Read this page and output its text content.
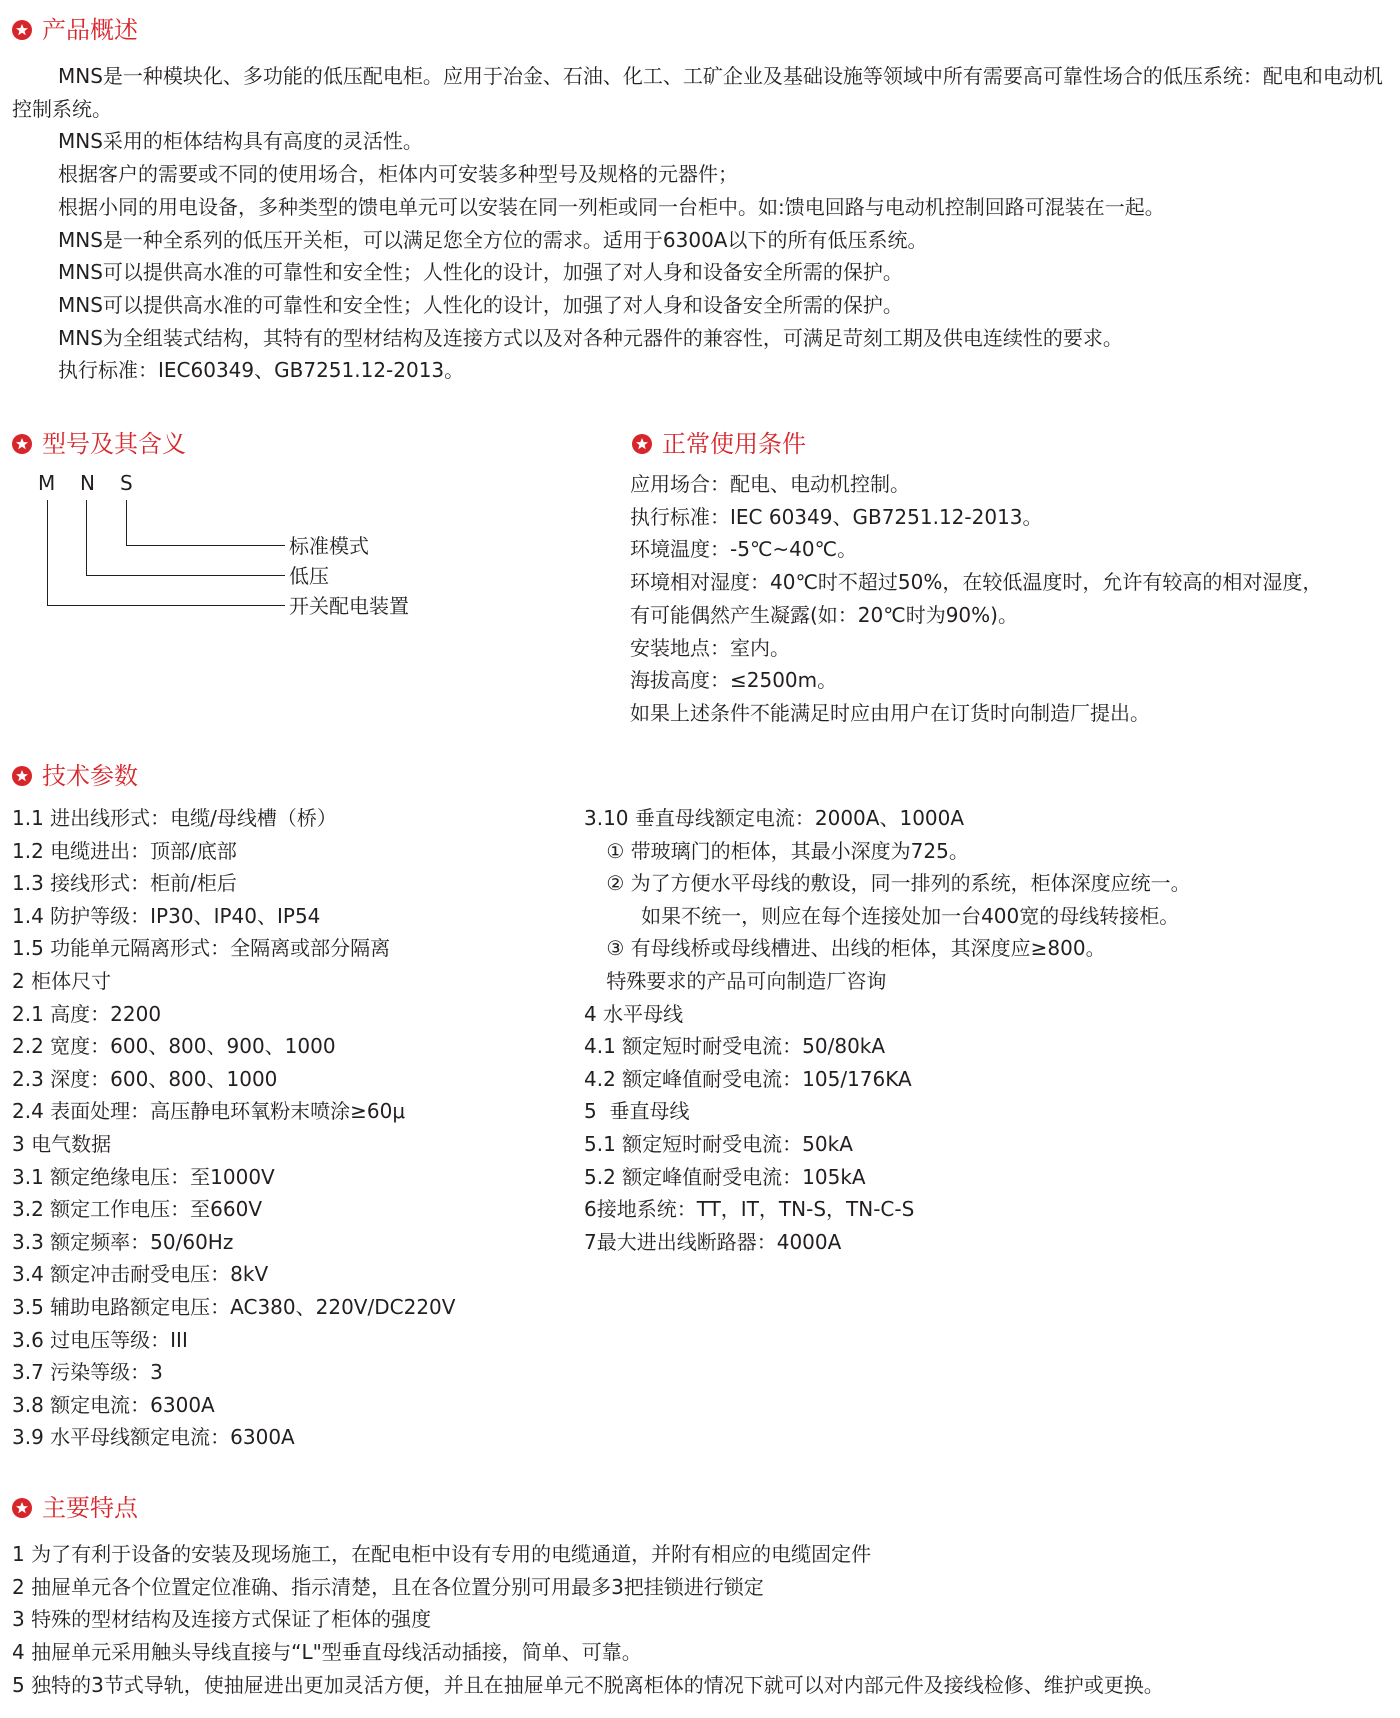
产品概述
MNS是一种模块化、多功能的低压配电柜。应用于冶金、石油、化工、工矿企业及基础设施等领域中所有需要高可靠性场合的低压系统：配电和电动机控制系统。
MNS采用的柜体结构具有高度的灵活性。
根据客户的需要或不同的使用场合，柜体内可安装多种型号及规格的元器件；
根据小同的用电设备，多种类型的馈电单元可以安装在同一列柜或同一台柜中。如:馈电回路与电动机控制回路可混装在一起。
MNS是一种全系列的低压开关柜，可以满足您全方位的需求。适用于6300A以下的所有低压系统。
MNS可以提供高水准的可靠性和安全性；人性化的设计，加强了对人身和设备安全所需的保护。
MNS可以提供高水准的可靠性和安全性；人性化的设计，加强了对人身和设备安全所需的保护。
MNS为全组装式结构，其特有的型材结构及连接方式以及对各种元器件的兼容性，可满足苛刻工期及供电连续性的要求。
执行标准：IEC60349、GB7251.12-2013。
型号及其含义
M N S
标准模式
低压
开关配电装置
正常使用条件
应用场合：配电、电动机控制。
执行标准：IEC 60349、GB7251.12-2013。
环境温度：-5℃~40℃。
环境相对湿度：40℃时不超过50%，在较低温度时，允许有较高的相对湿度，
有可能偶然产生凝露(如：20℃时为90%)。
安装地点：室内。
海拔高度：≤2500m。
如果上述条件不能满足时应由用户在订货时向制造厂提出。
技术参数
1.1 进出线形式：电缆/母线槽（桥）
1.2 电缆进出：顶部/底部
1.3 接线形式：柜前/柜后
1.4 防护等级：IP30、IP40、IP54
1.5 功能单元隔离形式：全隔离或部分隔离
2 柜体尺寸
2.1 高度：2200
2.2 宽度：600、800、900、1000
2.3 深度：600、800、1000
2.4 表面处理：高压静电环氧粉末喷涂≥60μ
3 电气数据
3.1 额定绝缘电压：至1000V
3.2 额定工作电压：至660V
3.3 额定频率：50/60Hz
3.4 额定冲击耐受电压：8kV
3.5 辅助电路额定电压：AC380、220V/DC220V
3.6 过电压等级：III
3.7 污染等级：3
3.8 额定电流：6300A
3.9 水平母线额定电流：6300A
3.10 垂直母线额定电流：2000A、1000A
① 带玻璃门的柜体，其最小深度为725。
② 为了方便水平母线的敷设，同一排列的系统，柜体深度应统一。
如果不统一，则应在每个连接处加一台400宽的母线转接柜。
③ 有母线桥或母线槽进、出线的柜体，其深度应≥800。
特殊要求的产品可向制造厂咨询
4 水平母线
4.1 额定短时耐受电流：50/80kA
4.2 额定峰值耐受电流：105/176KA
5  垂直母线
5.1 额定短时耐受电流：50kA
5.2 额定峰值耐受电流：105kA
6接地系统：TT，IT，TN-S，TN-C-S
7最大进出线断路器：4000A
主要特点
1 为了有利于设备的安装及现场施工，在配电柜中设有专用的电缆通道，并附有相应的电缆固定件
2 抽屉单元各个位置定位准确、指示清楚，且在各位置分别可用最多3把挂锁进行锁定
3 特殊的型材结构及连接方式保证了柜体的强度
4 抽屉单元采用触头导线直接与“L"型垂直母线活动插接，简单、可靠。
5 独特的3节式导轨，使抽屉进出更加灵活方便，并且在抽屉单元不脱离柜体的情况下就可以对内部元件及接线检修、维护或更换。
